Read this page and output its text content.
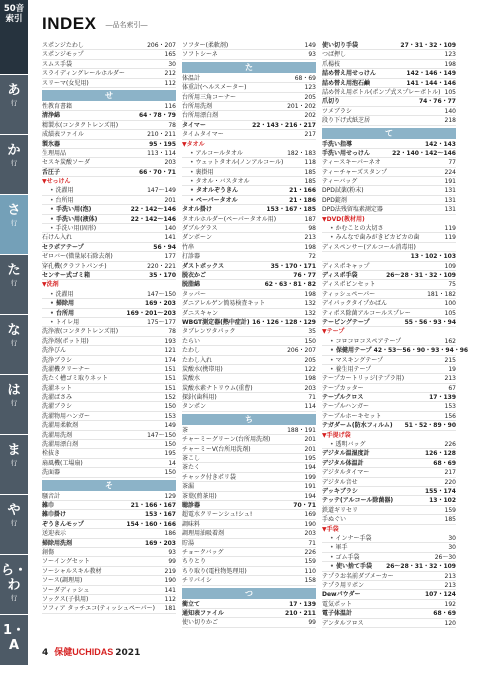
50音索引
あ
行
か
行
さ
行
た
行
な
行
は
行
ま
行
や
行
ら・わ
行
1・A
INDEX $^{―品名索引―}$
スポンジたわし	206・207
スポンジモップ	165
スムス手袋	30
スライディングレールホルダー	212
スリーマ(女児用)	112
せ
性教育書籍	116
清浄綿	64・78・79
精製水(コンタクトレンズ用)	78
成績表ファイル	210・211
製氷器	95・195
生理用品	113・114
セスキ炭酸ソーダ	203
舌圧子	66・70・71
▼せっけん
• 洗濯用	147〜149
• 台所用	201
• 手洗い用(泡)	22・142〜146
• 手洗い用(液体)	22・142〜146
• 手洗い用(固形)	140
石けん入れ	141
セラポアテープ	56・94
ゼロバー(微量尿石除去剤)	177
穿孔機(クラフトパンチ)	220・221
センサー式ゴミ箱	35・170
▼洗剤
• 洗濯用	147〜150
• 掃除用	169・203
• 台所用	169・201〜203
• トイレ用	175〜177
洗浄液(コンタクトレンズ用)	78
洗浄剤(ポット用)	193
洗浄びん	121
洗浄ブラシ	174
洗濯機クリーナー	151
洗たく槽ゴミ取りネット	151
洗濯ネット	151
洗濯ばさみ	152
洗濯ブラシ	150
洗濯物用ハンガー	153
洗濯用柔軟剤	149
洗濯用洗剤	147〜150
洗濯用漂白剤	150
栓抜き	195
扇風機(工場扇)	14
洗面器	150
そ
騒音計	129
雑巾	21・166・167
雑巾掛け	153・167
ぞうきんモップ	154・160・166
送迎表示	186
掃除用洗剤	169・203
創傷	93
ソーイングセット	99
ソーシャルスキル教材	219
ソース(調理用)	190
ソーダディッシュ	141
ソックス(子供用)	112
ソフィア タッチエコ(ティッシュペーパー)	181
ソフター(柔軟剤)	149
ソフトシーネ	93
た
体温計	68・69
体重計(ヘルスメーター)	123
台所用三角コーナー	205
台所用洗剤	201・202
台所用漂白剤	202
タイマー	22・143・216・217
タイムタイマー	217
▼タオル
• アルコールタオル	182・183
• ウェットタオル(ノンアルコール)	118
• 裏掛用	185
• タオル・バスタオル	185
• タオルぞうきん	21・166
• ペーパータオル	21・186
タオル掛け	153・167・185
タオルホルダー(ペーパータオル用)	187
ダブルグラス	98
ダンボーン	213
竹串	198
打診器	72
ダストボックス	35・170・171
脱衣かご	76・77
脱脂綿	62・63・81・82
タッパー	198
ダニアレルゲン簡易検査キット	132
ダニスキャン	132
WBGT測定器(熱中症計) 16・126・128・129
タブレンワタパック	35
たらい	150
たわし	206・207
たわし入れ	205
炭酸水(携帯用)	122
炭酸水	198
炭酸水素ナトリウム(重曹)	203
探針(歯科用)	71
タンポン	114
ち
茶	188・191
チャーミーグリーン(台所用洗剤)	201
チャーミーV(台所用洗剤)	201
茶こし	195
茶たく	194
チャック付きポリ袋	199
茶漏	191
茶葉(煎茶用)	194
聴診器	70・71
超電水クリーンシュ!シュ!	169
調味料	190
調理用油吸着剤	203
貯湯	71
チョークバッグ	226
ちりとり	159
ちり取り(電柱物処理用)	110
チリパイシ	158
つ
衝立て	17・139
通知表ファイル	210・211
使い切りかご	99
使い切り手袋	27・31・32・109
つば押し	123
爪楊枝	198
詰め替え用せっけん	142・146・149
詰め替え用泡石鹸	141・144・146
詰め替え用ボトル(ポンプ式スプレーボトル) 105
爪切り	74・76・77
ツメブラシ	140
段り下げ式紙芝居	218
て
手洗い指導	142・143
手洗い用せっけん	22・140・142〜146
ティースキーパーネオ	77
ティーチャーズスタンプ	224
ティーバッグ	191
DPD試薬(粉末)	131
DPD錠剤	131
DPD法残留塩素測定器	131
▼DVD(教材用)
• かむことの大切さ	119
• みんなで歯みがきピカピカの歯	119
ディスペンサー(アルコール消毒用)
13・102・103
ディスポキャップ	109
ディスポ手袋	26〜28・31・32・109
ディスポピンセット	75
ティッシュペーパー	181・182
デイパックタイプかばん	100
ティポス除菌アルコールスプレー	105
テーピングテープ	55・56・93・94
▼テープ
• コロコロコスペアテープ	162
• 保健用テープ 42・53〜56・90・93・94・96
• マスキングテープ	215
• 養生用テープ	19
テープカートリッジ(テプラ用)	213
テープカッター	67
テープルクロス	17・139
テープルハンガー	153
テーブルホーキセット	156
テガダーム(防水フィルム)	51・52・89・90
▼手提げ袋
• 透明バッグ	226
デジタル温湿度計	126・128
デジタル体温計	68・69
デジタルタイマー	217
デジタル音せ	220
デッキブラシ	155・174
テッテ(アルコール除菌器)	13・102
鉄道ギリセリ	159
手ぬぐい	185
▼手袋
• インナー手袋	30
• 軍手	30
• ゴム手袋	26〜30
• 使い捨て手袋	26〜28・31・32・109
テプラお名前ダブメーカー	213
テプラ用リボン	213
Dewパウダー	107・124
電気ポット	192
電子体温計	68・69
デンタルフロス	120
4 保健UCHIDAS 2021
